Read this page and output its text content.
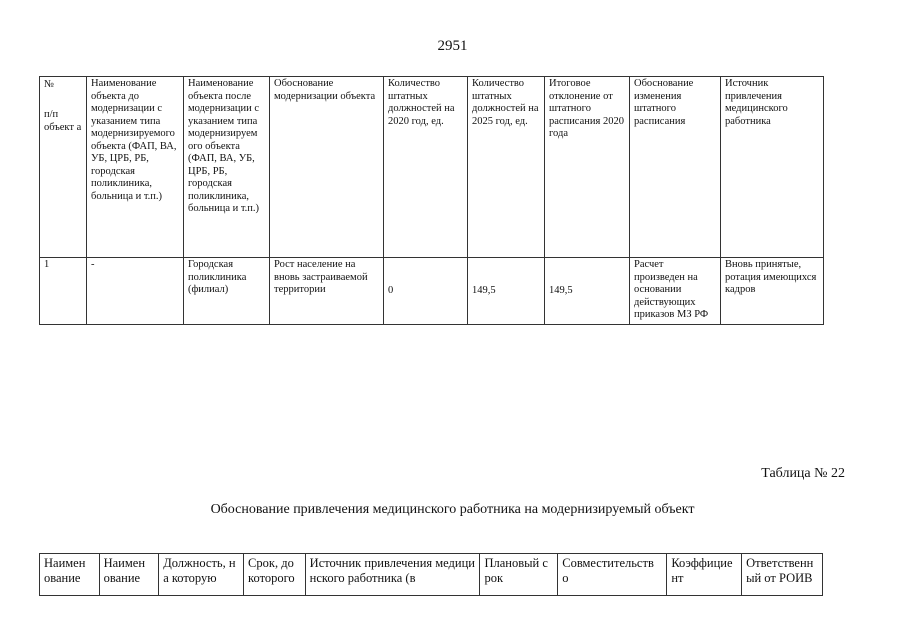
2951
№
п/п объект а	Наименование объекта до модернизации с указанием типа модернизируемого объекта (ФАП, ВА, УБ, ЦРБ, РБ, городская поликлиника, больница и т.п.)	Наименование объекта после модернизации с указанием типа модернизируем ого объекта (ФАП, ВА, УБ, ЦРБ, РБ, городская поликлиника, больница и т.п.)	Обоснование модернизации объекта	Количество штатных должностей на 2020 год, ед.	Количество штатных должностей на 2025 год, ед.	Итоговое отклонение от штатного расписания 2020 года	Обоснование изменения штатного расписания	Источник привлечения медицинского работника
1	-	Городская поликлиника (филиал)	Рост население на вновь застраиваемой территории	0	149,5	149,5	Расчет произведен на основании действующих приказов МЗ РФ	Вновь принятые, ротация имеющихся кадров
Таблица № 22
Обоснование привлечения медицинского работника на модернизируемый объект
Наимен ование	Наимен ование	Должность, на которую	Срок, до которого	Источник привлечения медицинского работника (в	Плановый срок	Совместительств о	Коэффицие нт	Ответственн ый от РОИВ
